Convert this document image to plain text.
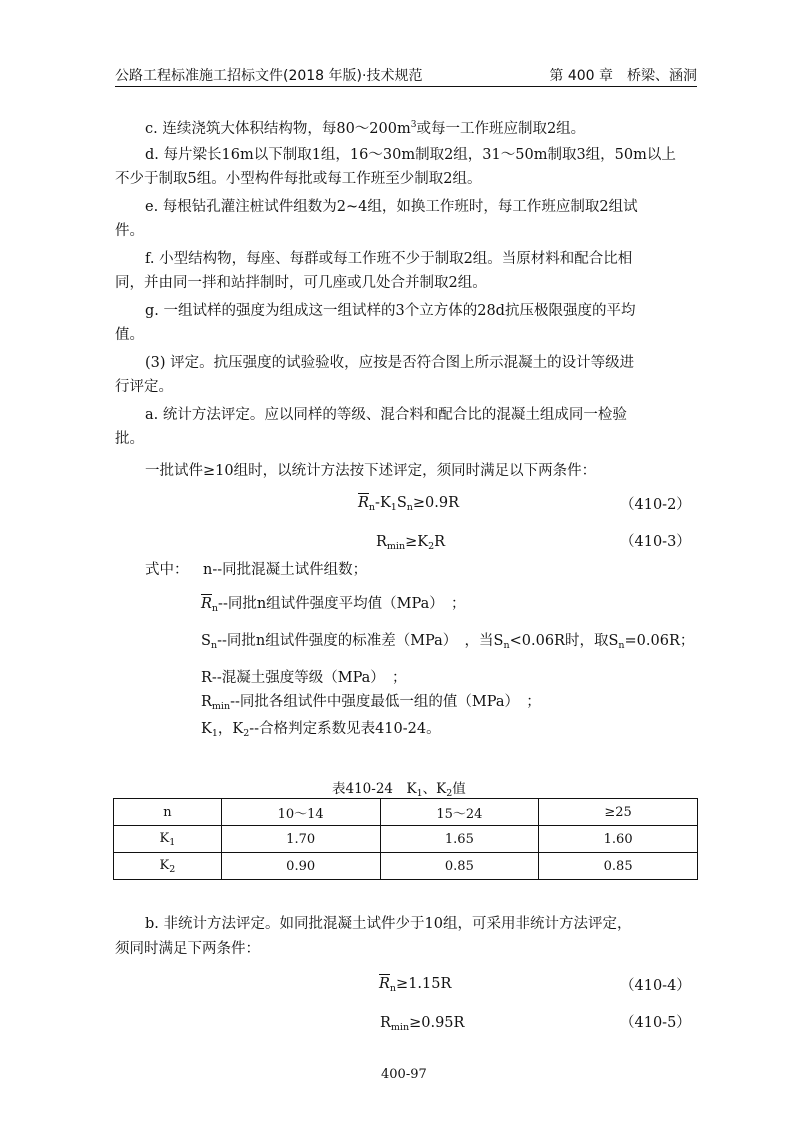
公路工程标准施工招标文件(2018 年版)·技术规范	第 400 章　桥梁、涵洞
c. 连续浇筑大体积结构物，每$80\sim 200m^3$或每一工作班应制取2组。
d. 每片梁长16m以下制取1组，16～30m制取2组，31～50m制取3组，50m以上
不少于制取5组。小型构件每批或每工作班至少制取2组。
e. 每根钻孔灌注桩试件组数为2~4组，如换工作班时，每工作班应制取2组试
件。
f. 小型结构物，每座、每群或每工作班不少于制取2组。当原材料和配合比相
同，并由同一拌和站拌制时，可几座或几处合并制取2组。
g. 一组试样的强度为组成这一组试样的3个立方体的28d抗压极限强度的平均
值。
(3) 评定。抗压强度的试验验收，应按是否符合图上所示混凝土的设计等级进
行评定。
a. 统计方法评定。应以同样的等级、混合料和配合比的混凝土组成同一检验
批。
一批试件≥10组时，以统计方法按下述评定，须同时满足以下两条件：
$R_n-K_1S_n\ge 0.9R$	（410-2）
$R_{min}\ge K_2R$	（410-3）
式中： n--同批混凝土试件组数；
$R_n--$同批n组试件强度平均值（MPa）　；
$S_n--$同批n组试件强度的标准差（MPa）　，当$S_n<0.06R$时，取$S_n=0.06R$；
R--混凝土强度等级（MPa）　；
$R_{min}--$同批各组试件中强度最低一组的值（MPa）　；
$K_1$，$K_2--$合格判定系数见表410-24。
表410-24　$K_1$、$K_2$值
n	10～14	15～24	≥25
$K_1$	1.70	1.65	1.60
$K_2$	0.90	0.85	0.85
b. 非统计方法评定。如同批混凝土试件少于10组，可采用非统计方法评定，
须同时满足下两条件：
$R_n\ge 1.15R$	（410-4）
$R_{min}\ge 0.95R$	（410-5）
400-97
